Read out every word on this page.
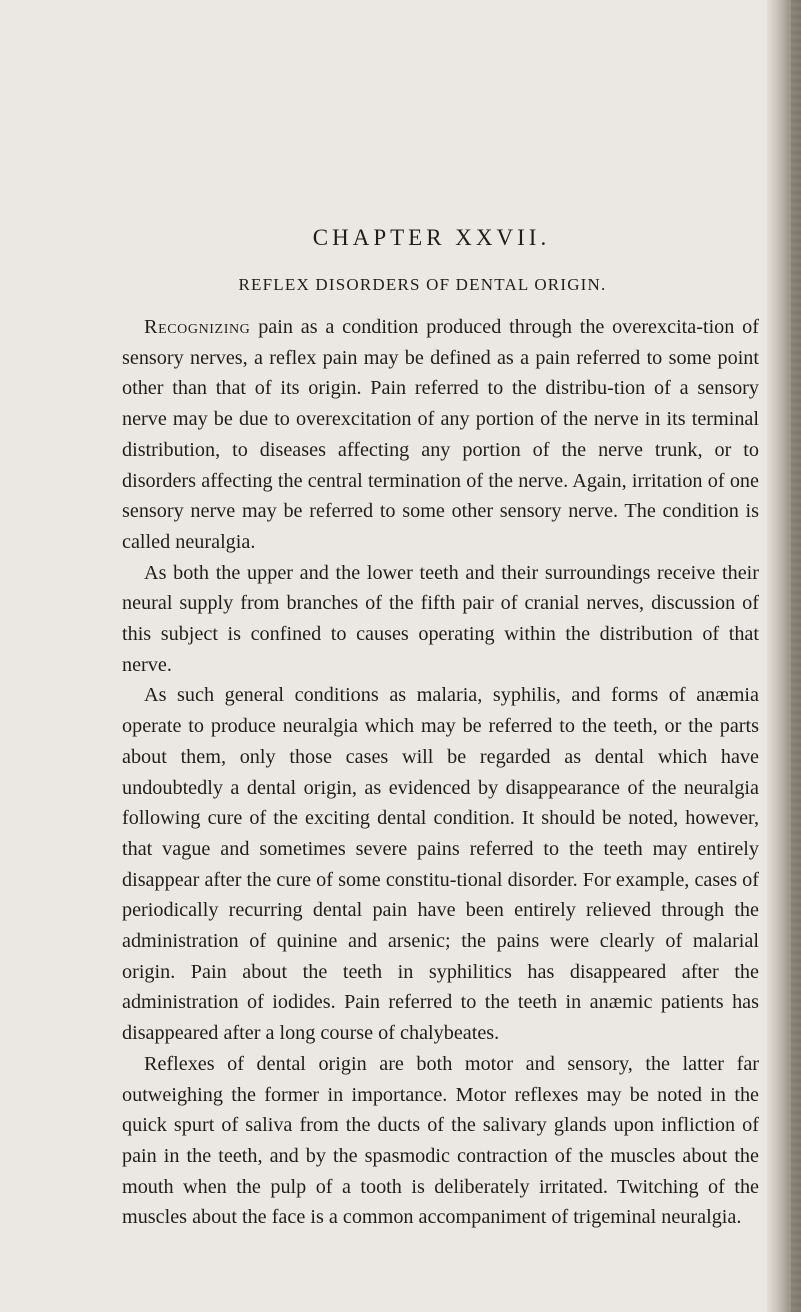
CHAPTER XXVII.
REFLEX DISORDERS OF DENTAL ORIGIN.

Recognizing pain as a condition produced through the overexcita-tion of sensory nerves, a reflex pain may be defined as a pain referred to some point other than that of its origin. Pain referred to the distribu-tion of a sensory nerve may be due to overexcitation of any portion of the nerve in its terminal distribution, to diseases affecting any portion of the nerve trunk, or to disorders affecting the central termination of the nerve. Again, irritation of one sensory nerve may be referred to some other sensory nerve. The condition is called neuralgia.

As both the upper and the lower teeth and their surroundings receive their neural supply from branches of the fifth pair of cranial nerves, discussion of this subject is confined to causes operating within the distribution of that nerve.

As such general conditions as malaria, syphilis, and forms of anæmia operate to produce neuralgia which may be referred to the teeth, or the parts about them, only those cases will be regarded as dental which have undoubtedly a dental origin, as evidenced by disappearance of the neuralgia following cure of the exciting dental condition. It should be noted, however, that vague and sometimes severe pains referred to the teeth may entirely disappear after the cure of some constitu-tional disorder. For example, cases of periodically recurring dental pain have been entirely relieved through the administration of quinine and arsenic; the pains were clearly of malarial origin. Pain about the teeth in syphilitics has disappeared after the administration of iodides. Pain referred to the teeth in anæmic patients has disappeared after a long course of chalybeates.

Reflexes of dental origin are both motor and sensory, the latter far outweighing the former in importance. Motor reflexes may be noted in the quick spurt of saliva from the ducts of the salivary glands upon infliction of pain in the teeth, and by the spasmodic contraction of the muscles about the mouth when the pulp of a tooth is deliberately irritated. Twitching of the muscles about the face is a common accompaniment of trigeminal neuralgia.
